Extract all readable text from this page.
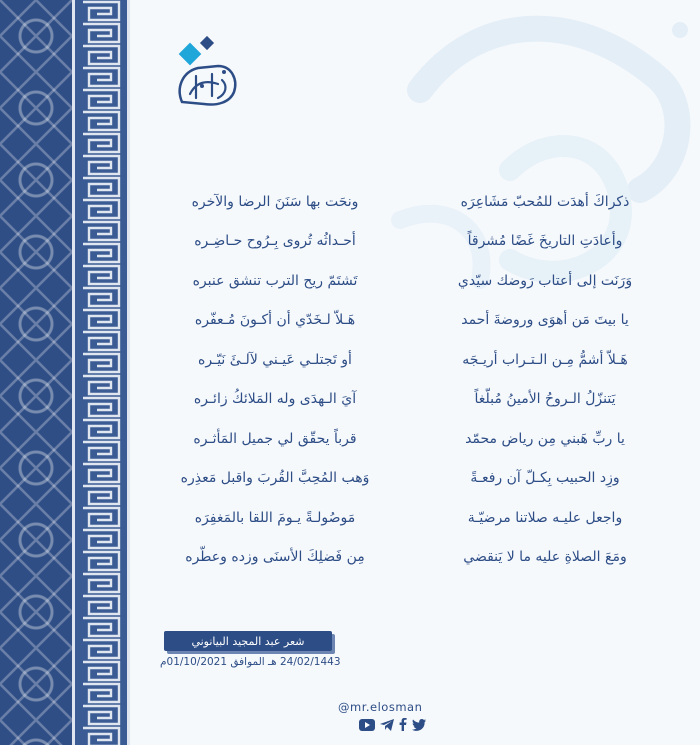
ذكراكَ أهدَت للمُحبّ مَشَاعِرَه
ونحَت بها سَنَنَ الرضا والآخره
وأعادَتِ التاريخَ غَضًا مُشرقاً
أحـداثُه تُروى بِـرُوح حـاضِـره
وَرَنَت إلى أعتاب رَوضك سيّدي
تَشتَمّ ريح الترب تنشق عنبره
يا بيتَ مَن أهوَى وروضةَ أحمد
هَـلاّ لـخَدّي أن أكـونَ مُـعفّره
هَـلاّ أشمُّ مِـن الـتـراب أريـجَه
أو تَجتلـي عَيـني لآلـئَ نَيّـره
يَتنزّلُ الـروحُ الأمينُ مُبلّغاً
آيَ الـهدَى وله المَلائكُ زائـره
يا ربِّ هَبني مِن رياض محمّد
قرباً يحقّق لي جميل المَأثـره
وزِد الحبيب بِكـلّ آن رفعـةً
وَهب المُحِبَّ القُربَ واقبل مَعذِره
واجعل عليـه صلاتنا مرضيّـة
مَوصُولـةً يـومَ اللقا بالمَغفِرَه
ومَعَ الصلاةِ عليه ما لا يَنقضي
مِن فَضلِكَ الأسنَى وزده وعطّره
شعر عبد المجيد البيانوني
24/02/1443 هـ الموافق 01/10/2021م
@mr.elosman
